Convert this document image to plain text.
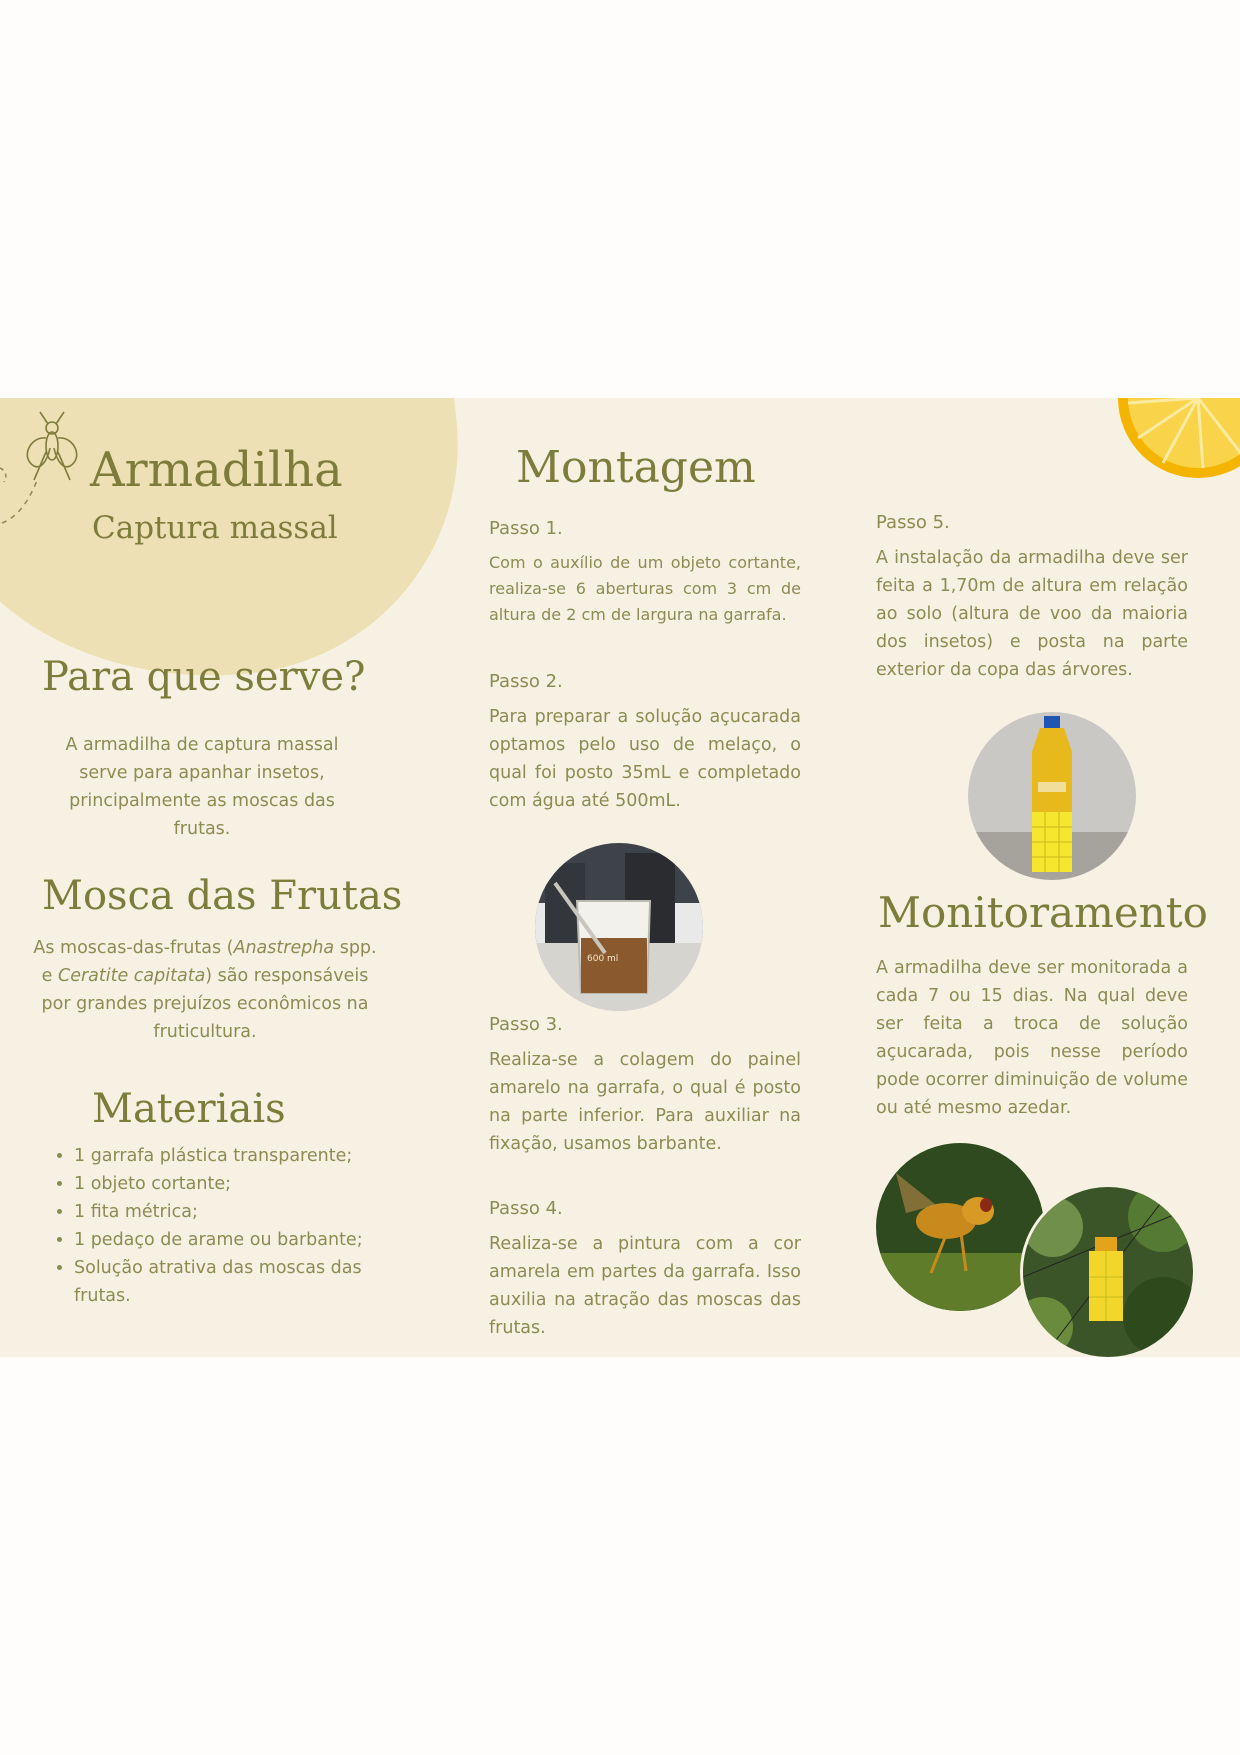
Armadilha
Captura massal
Para que serve?
A armadilha de captura massal serve para apanhar insetos, principalmente as moscas das frutas.
Mosca das Frutas
As moscas-das-frutas (Anastrepha spp. e Ceratite capitata) são responsáveis por grandes prejuízos econômicos na fruticultura.
Materiais
• 1 garrafa plástica transparente;
• 1 objeto cortante;
• 1 fita métrica;
• 1 pedaço de arame ou barbante;
• Solução atrativa das moscas das frutas.
Montagem
Passo 1.
Com o auxílio de um objeto cortante, realiza-se 6 aberturas com 3 cm de altura de 2 cm de largura na garrafa.
Passo 2.
Para preparar a solução açucarada optamos pelo uso de melaço, o qual foi posto 35mL e completado com água até 500mL.
600 ml
Passo 3.
Realiza-se a colagem do painel amarelo na garrafa, o qual é posto na parte inferior. Para auxiliar na fixação, usamos barbante.
Passo 4.
Realiza-se a pintura com a cor amarela em partes da garrafa. Isso auxilia na atração das moscas das frutas.
Passo 5.
A instalação da armadilha deve ser feita a 1,70m de altura em relação ao solo (altura de voo da maioria dos insetos) e posta na parte exterior da copa das árvores.
Monitoramento
A armadilha deve ser monitorada a cada 7 ou 15 dias. Na qual deve ser feita a troca de solução açucarada, pois nesse período pode ocorrer diminuição de volume ou até mesmo azedar.
